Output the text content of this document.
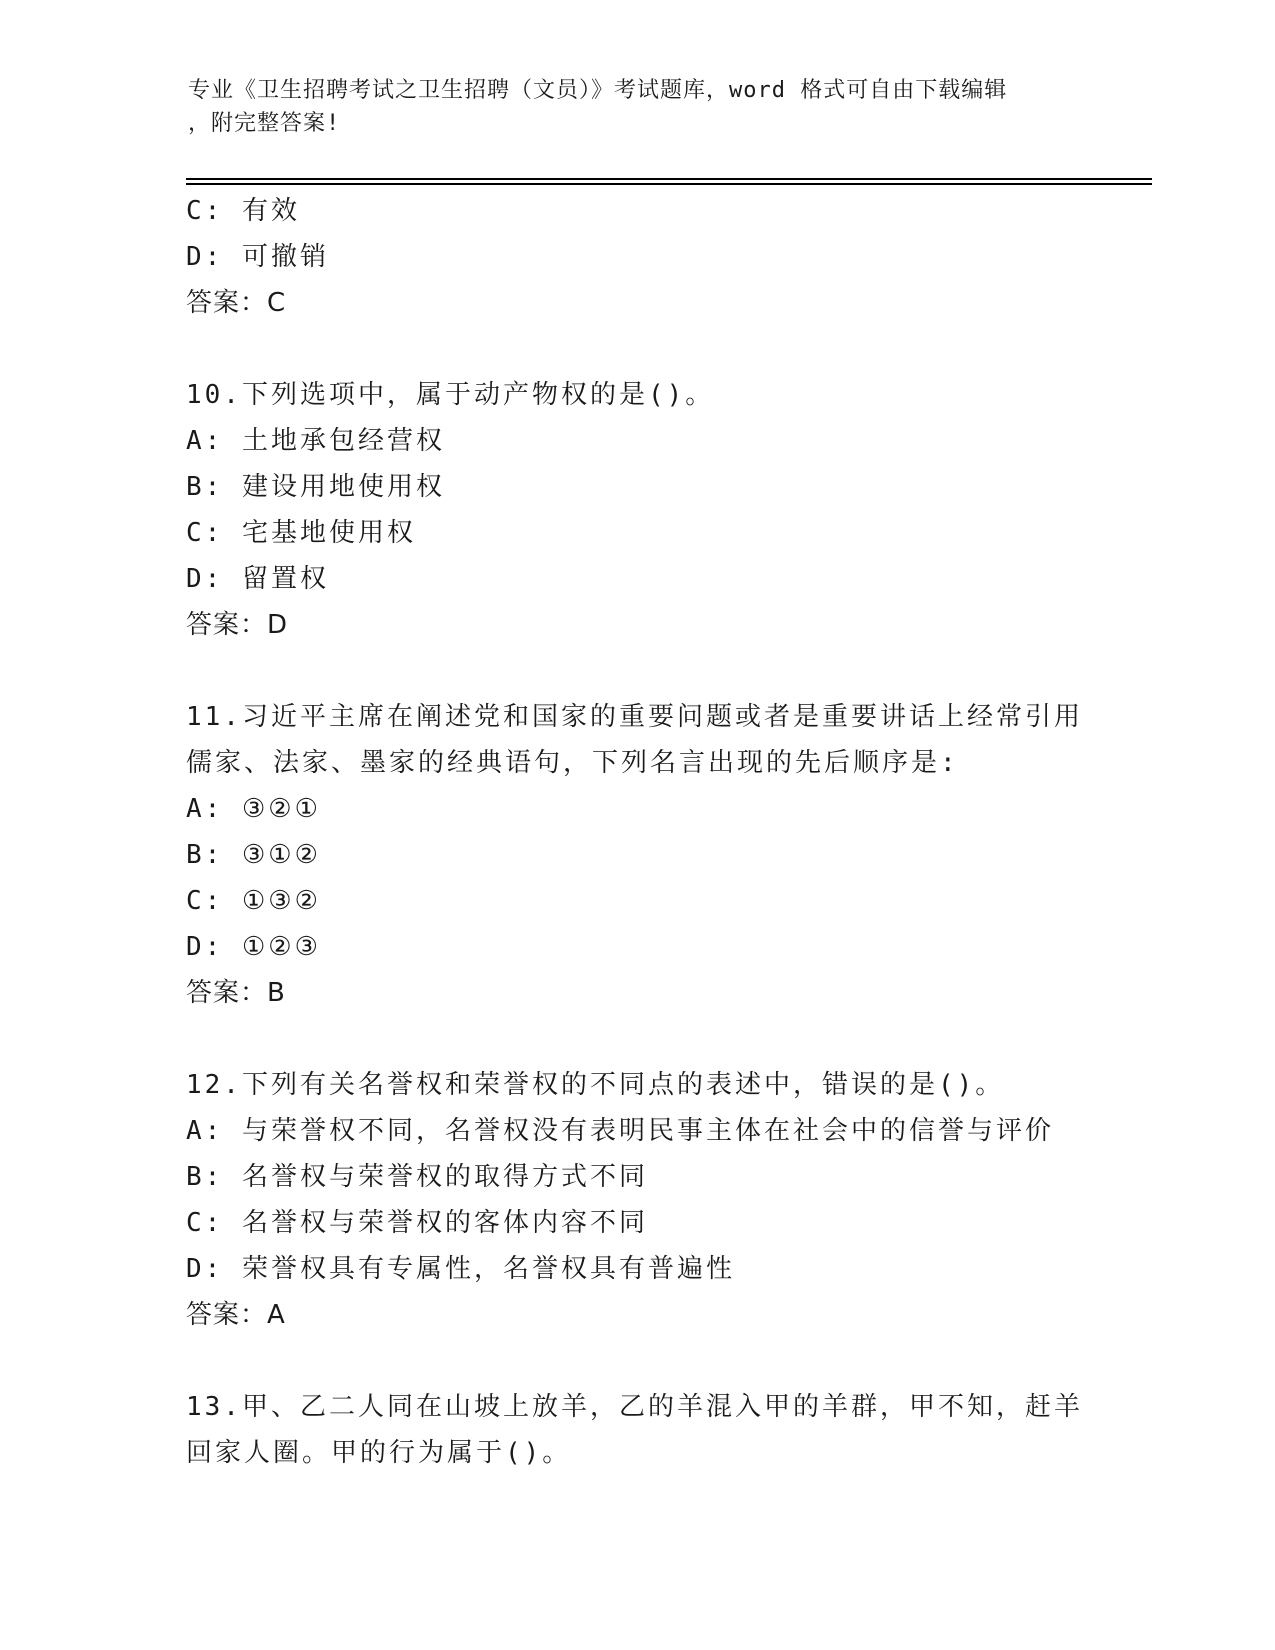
专业《卫生招聘考试之卫生招聘（文员）》考试题库，word 格式可自由下载编辑
，附完整答案!
C: 有效
D: 可撤销
答案：C
10.下列选项中，属于动产物权的是()。
A: 土地承包经营权
B: 建设用地使用权
C: 宅基地使用权
D: 留置权
答案：D
11.习近平主席在阐述党和国家的重要问题或者是重要讲话上经常引用
儒家、法家、墨家的经典语句，下列名言出现的先后顺序是:
A: ③②①
B: ③①②
C: ①③②
D: ①②③
答案：B
12.下列有关名誉权和荣誉权的不同点的表述中，错误的是()。
A: 与荣誉权不同，名誉权没有表明民事主体在社会中的信誉与评价
B: 名誉权与荣誉权的取得方式不同
C: 名誉权与荣誉权的客体内容不同
D: 荣誉权具有专属性，名誉权具有普遍性
答案：A
13.甲、乙二人同在山坡上放羊，乙的羊混入甲的羊群，甲不知，赶羊
回家人圈。甲的行为属于()。
